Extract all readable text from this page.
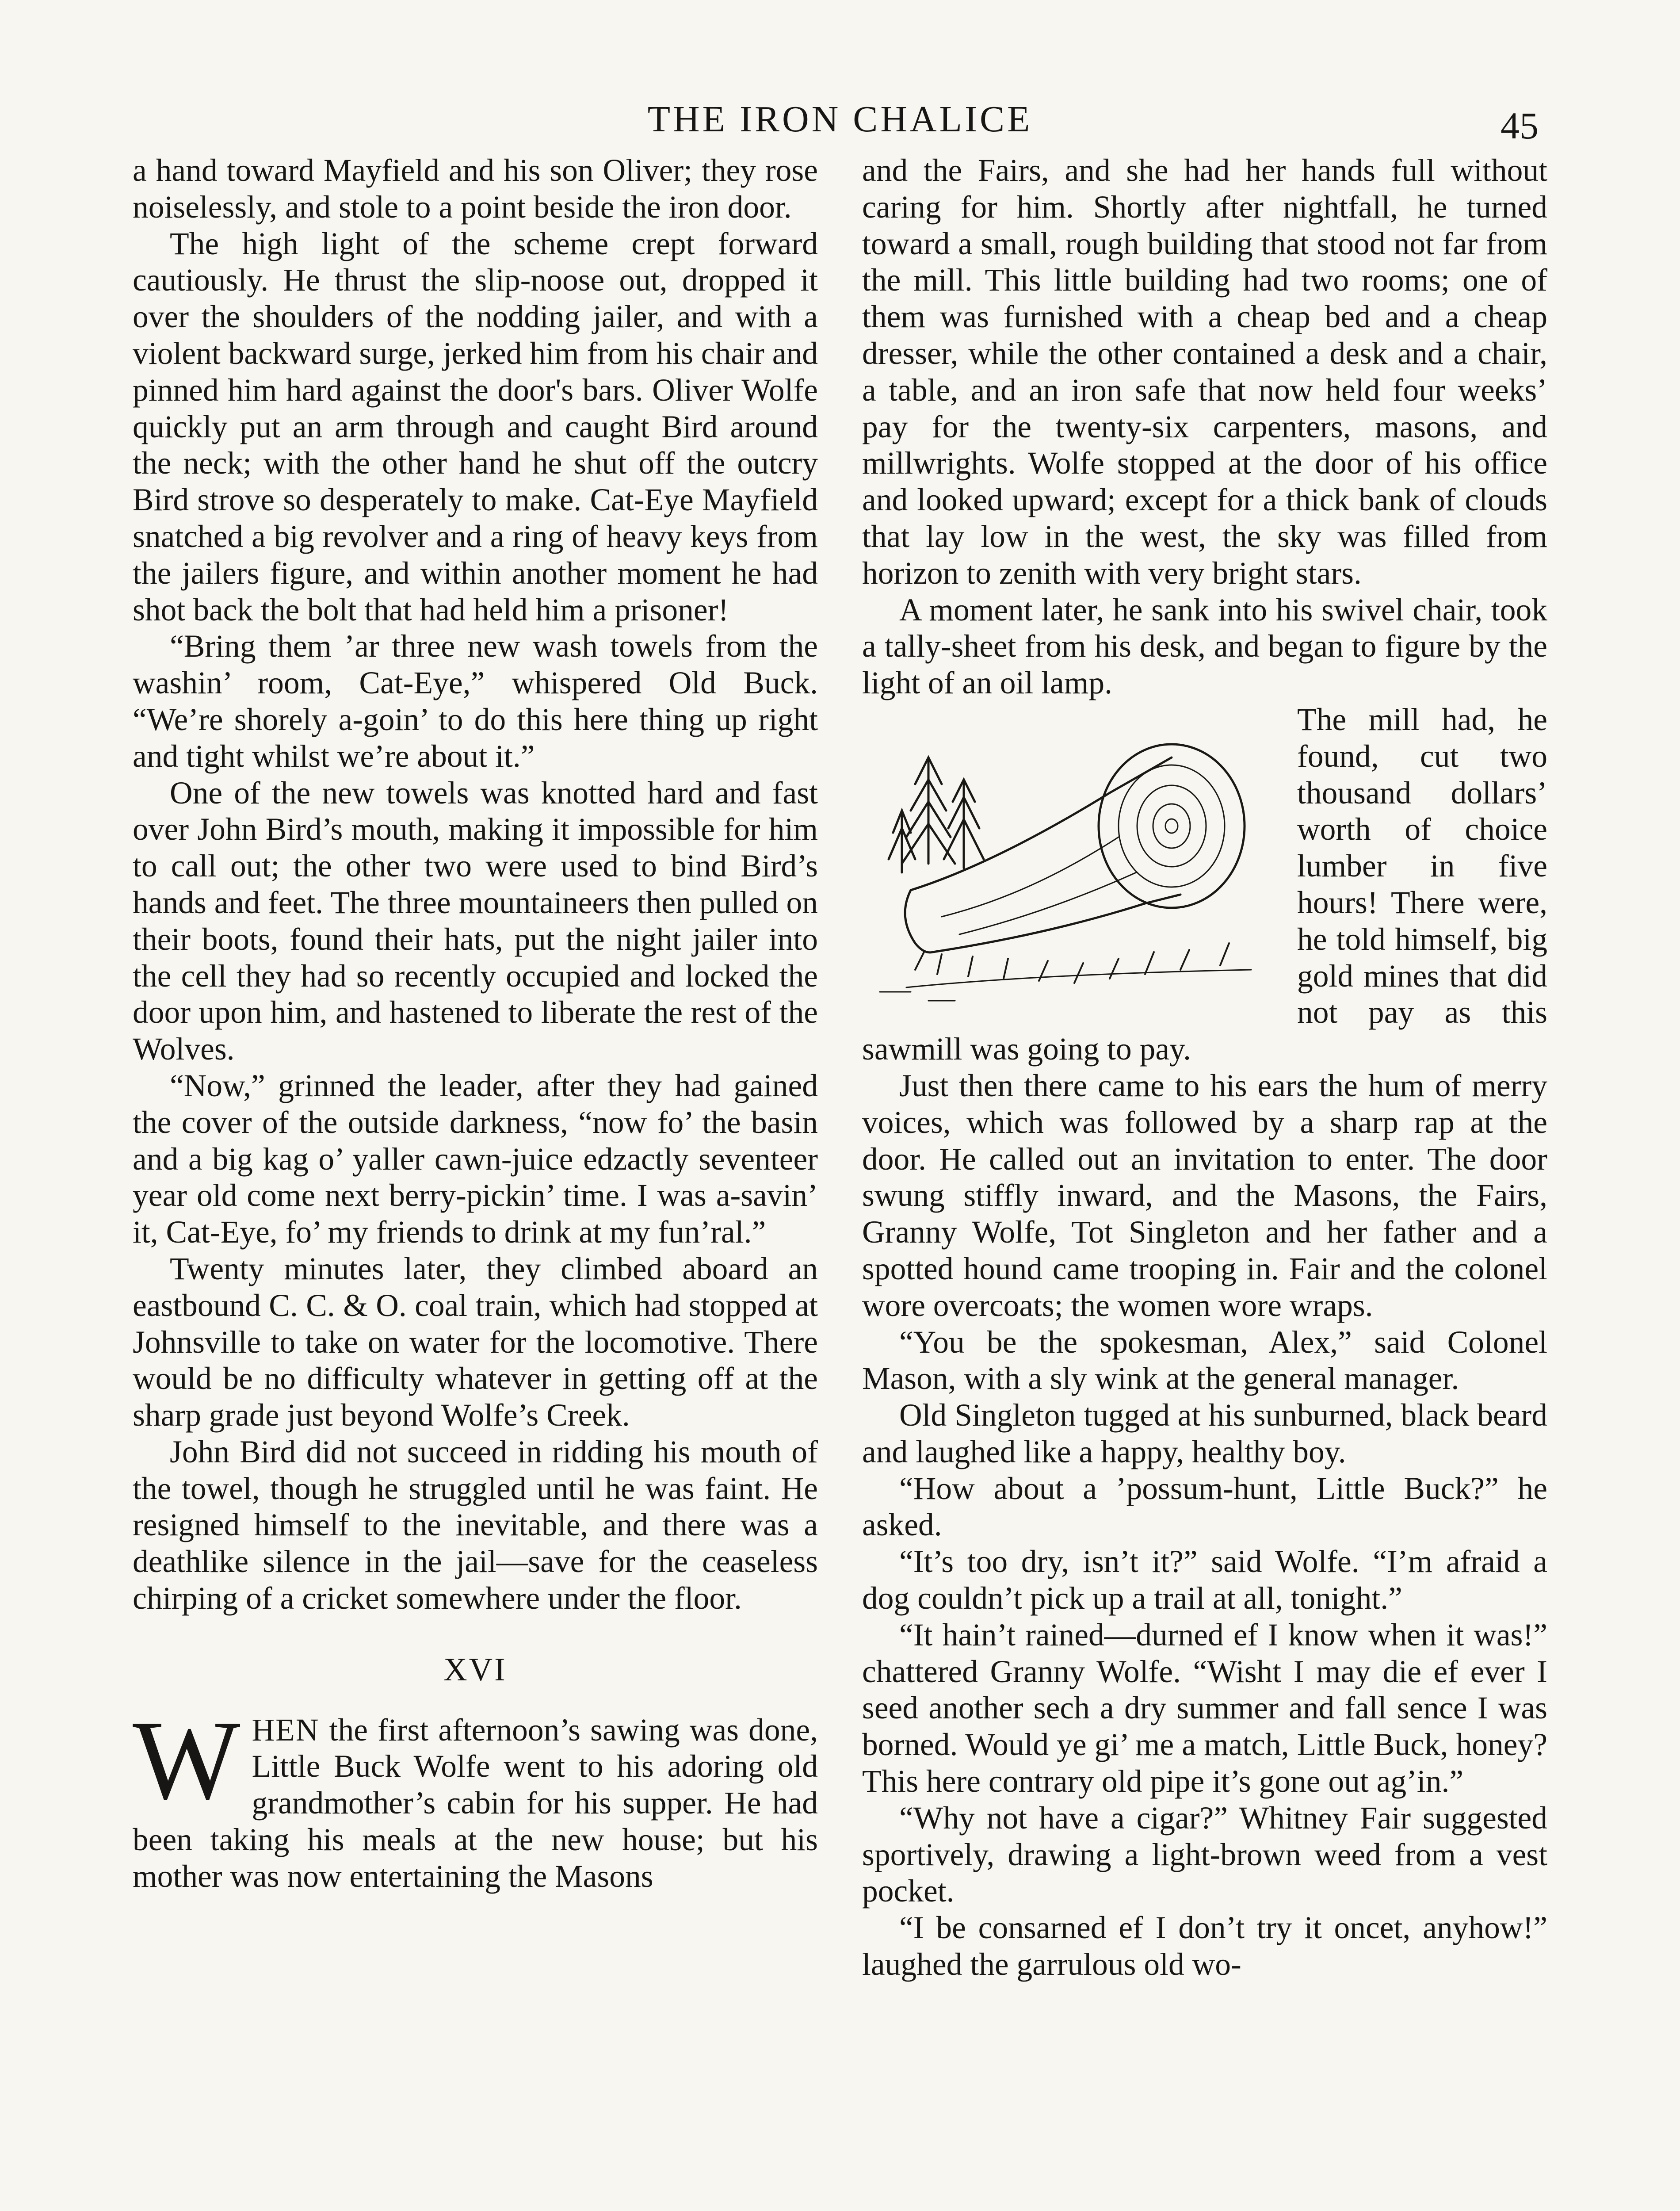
THE IRON CHALICE	45

a hand toward Mayfield and his son Oliver; they rose noiselessly, and stole to a point beside the iron door.

The high light of the scheme crept forward cautiously. He thrust the slip-noose out, dropped it over the shoulders of the nodding jailer, and with a violent backward surge, jerked him from his chair and pinned him hard against the door's bars. Oliver Wolfe quickly put an arm through and caught Bird around the neck; with the other hand he shut off the outcry Bird strove so desperately to make. Cat-Eye Mayfield snatched a big revolver and a ring of heavy keys from the jailers figure, and within another moment he had shot back the bolt that had held him a prisoner!

“Bring them ’ar three new wash towels from the washin’ room, Cat-Eye,” whispered Old Buck. “We’re shorely a-goin’ to do this here thing up right and tight whilst we’re about it.”

One of the new towels was knotted hard and fast over John Bird’s mouth, making it impossible for him to call out; the other two were used to bind Bird’s hands and feet. The three mountaineers then pulled on their boots, found their hats, put the night jailer into the cell they had so recently occupied and locked the door upon him, and hastened to liberate the rest of the Wolves.

“Now,” grinned the leader, after they had gained the cover of the outside darkness, “now fo’ the basin and a big kag o’ yaller cawn-juice edzactly seventeer year old come next berry-pickin’ time. I was a-savin’ it, Cat-Eye, fo’ my friends to drink at my fun’ral.”

Twenty minutes later, they climbed aboard an eastbound C. C. & O. coal train, which had stopped at Johnsville to take on water for the locomotive. There would be no difficulty whatever in getting off at the sharp grade just beyond Wolfe’s Creek.

John Bird did not succeed in ridding his mouth of the towel, though he struggled until he was faint. He resigned himself to the inevitable, and there was a deathlike silence in the jail—save for the ceaseless chirping of a cricket somewhere under the floor.

XVI

WHEN the first afternoon’s sawing was done, Little Buck Wolfe went to his adoring old grandmother’s cabin for his supper. He had been taking his meals at the new house; but his mother was now entertaining the Masons

and the Fairs, and she had her hands full without caring for him. Shortly after nightfall, he turned toward a small, rough building that stood not far from the mill. This little building had two rooms; one of them was furnished with a cheap bed and a cheap dresser, while the other contained a desk and a chair, a table, and an iron safe that now held four weeks’ pay for the twenty-six carpenters, masons, and millwrights. Wolfe stopped at the door of his office and looked upward; except for a thick bank of clouds that lay low in the west, the sky was filled from horizon to zenith with very bright stars.

A moment later, he sank into his swivel chair, took a tally-sheet from his desk, and began to figure by the light of an oil lamp.

The mill had, he found, cut two thousand dollars’ worth of choice lumber in five hours! There were, he told himself, big gold mines that did not pay as this sawmill was going to pay.

Just then there came to his ears the hum of merry voices, which was followed by a sharp rap at the door. He called out an invitation to enter. The door swung stiffly inward, and the Masons, the Fairs, Granny Wolfe, Tot Singleton and her father and a spotted hound came trooping in. Fair and the colonel wore overcoats; the women wore wraps.

“You be the spokesman, Alex,” said Colonel Mason, with a sly wink at the general manager.

Old Singleton tugged at his sunburned, black beard and laughed like a happy, healthy boy.

“How about a ’possum-hunt, Little Buck?” he asked.

“It’s too dry, isn’t it?” said Wolfe. “I’m afraid a dog couldn’t pick up a trail at all, tonight.”

“It hain’t rained—durned ef I know when it was!” chattered Granny Wolfe. “Wisht I may die ef ever I seed another sech a dry summer and fall sence I was borned. Would ye gi’ me a match, Little Buck, honey? This here contrary old pipe it’s gone out ag’in.”

“Why not have a cigar?” Whitney Fair suggested sportively, drawing a light-brown weed from a vest pocket.

“I be consarned ef I don’t try it oncet, anyhow!” laughed the garrulous old wo-
